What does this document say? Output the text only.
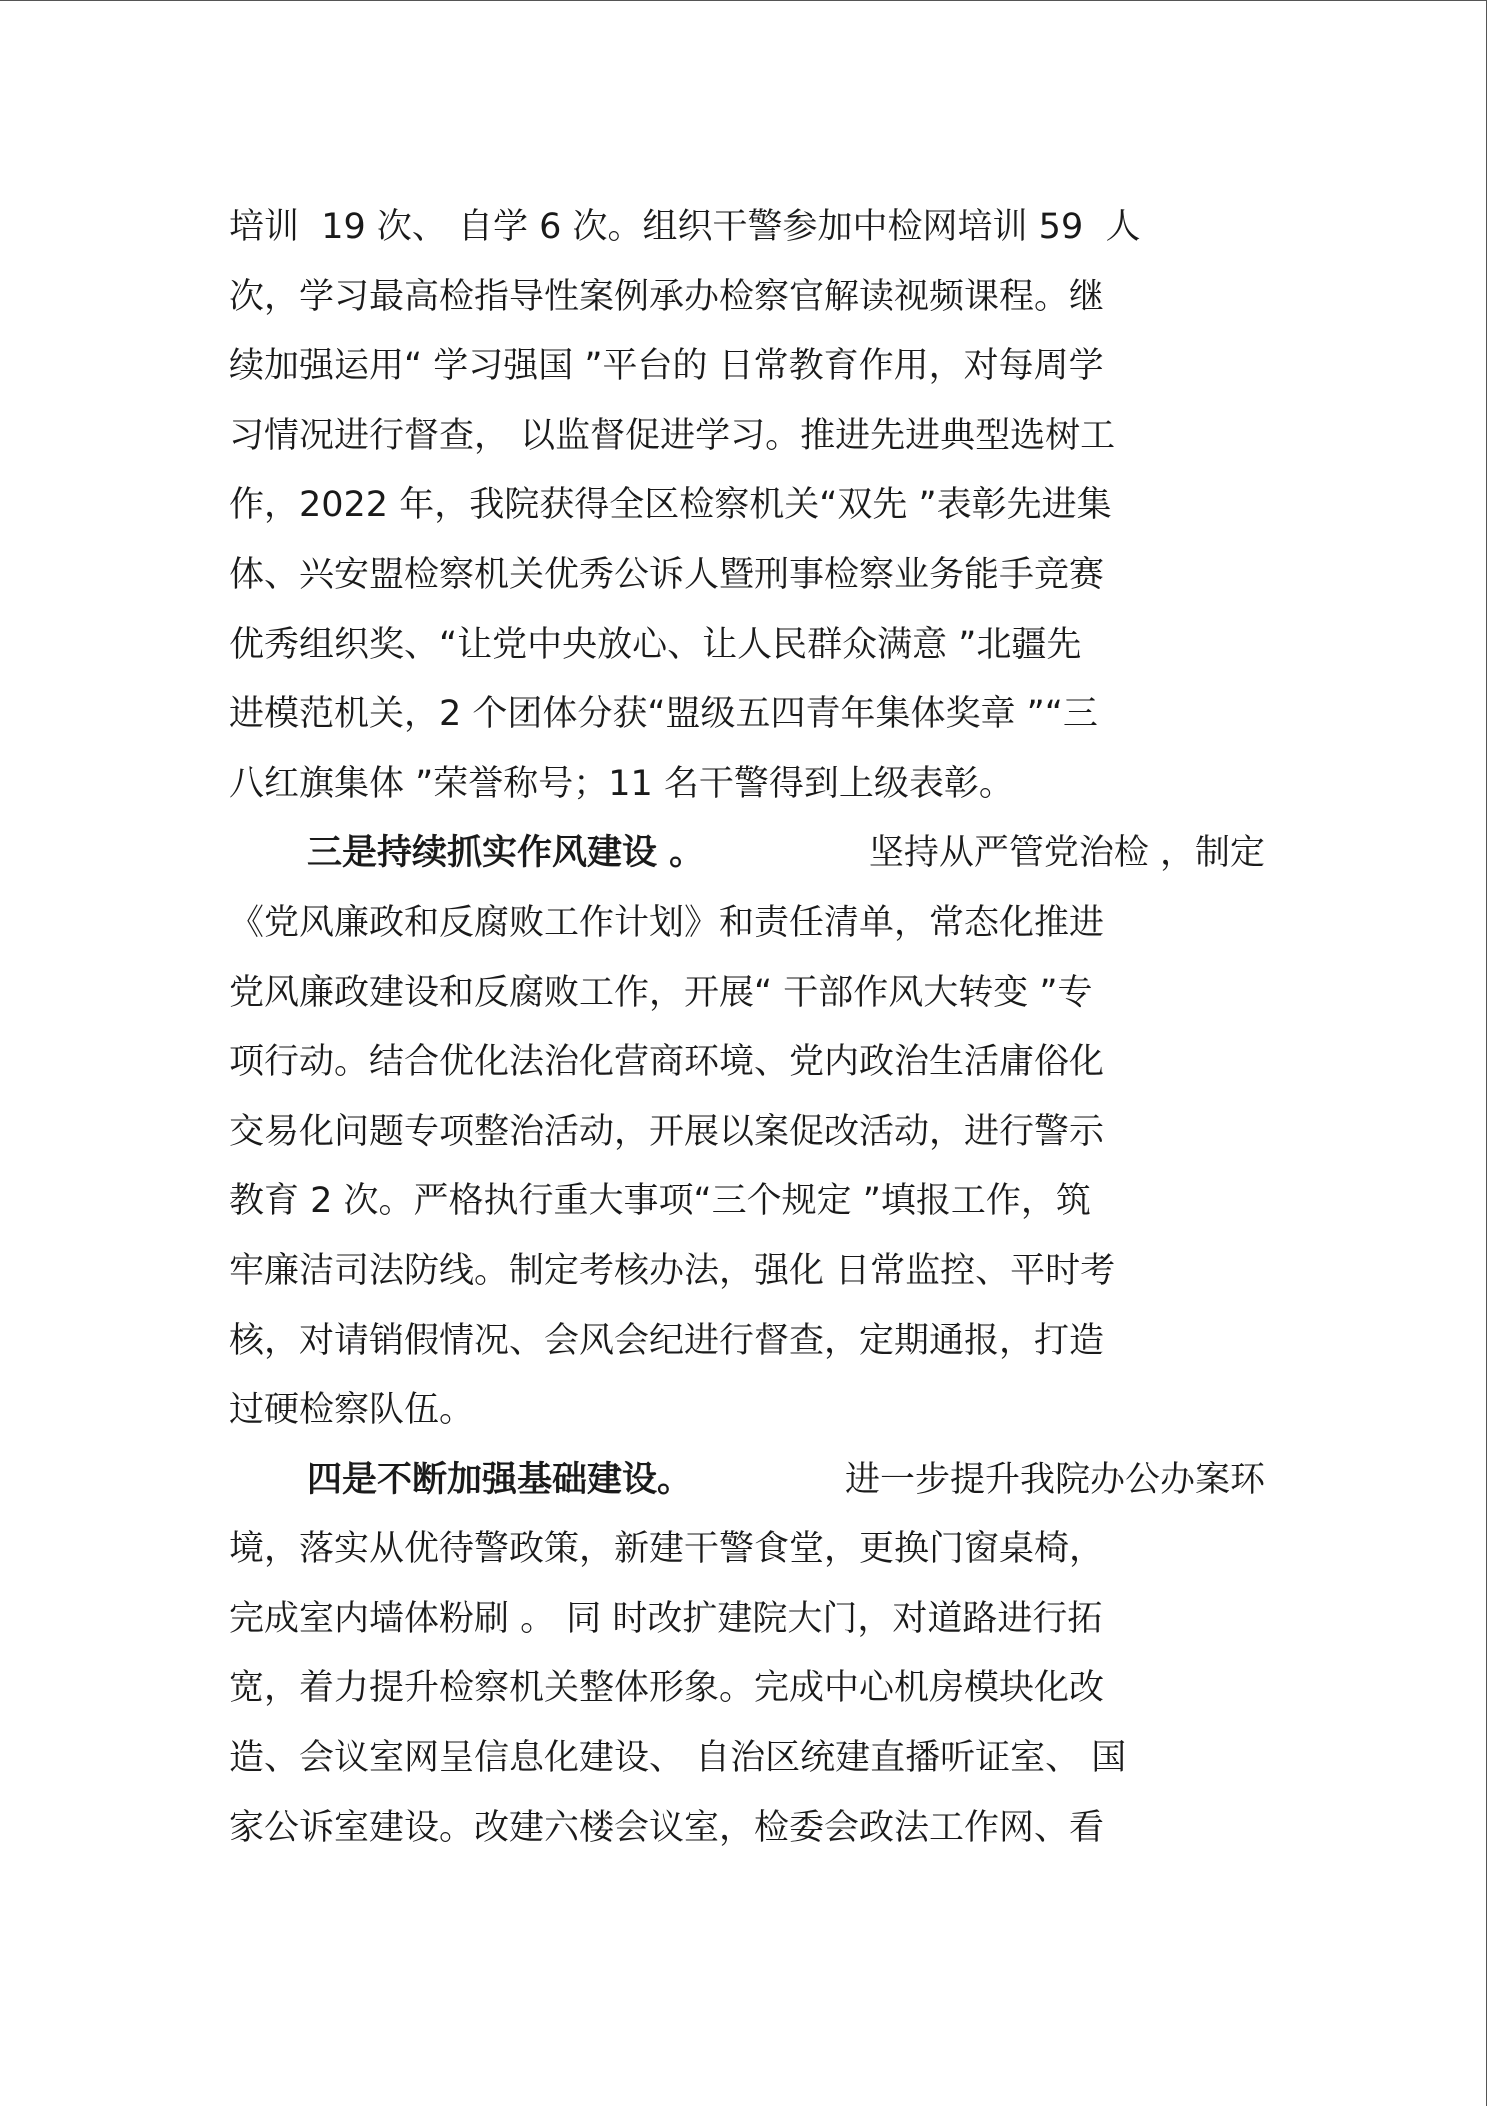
培训  19 次、 自学 6 次。组织干警参加中检网培训 59  人
次，学习最高检指导性案例承办检察官解读视频课程。继
续加强运用“ 学习强国 ”平台的 日常教育作用，对每周学
习情况进行督查， 以监督促进学习。推进先进典型选树工
作，2022 年，我院获得全区检察机关“双先 ”表彰先进集
体、兴安盟检察机关优秀公诉人暨刑事检察业务能手竞赛
优秀组织奖、“让党中央放心、让人民群众满意 ”北疆先
进模范机关，2 个团体分获“盟级五四青年集体奖章 ”“三
八红旗集体 ”荣誉称号；11 名干警得到上级表彰。
三是持续抓实作风建设 。	坚持从严管党治检 ，制定
《党风廉政和反腐败工作计划》和责任清单，常态化推进
党风廉政建设和反腐败工作，开展“ 干部作风大转变 ”专
项行动。结合优化法治化营商环境、党内政治生活庸俗化
交易化问题专项整治活动，开展以案促改活动，进行警示
教育 2 次。严格执行重大事项“三个规定 ”填报工作，筑
牢廉洁司法防线。制定考核办法，强化 日常监控、平时考
核，对请销假情况、会风会纪进行督查，定期通报，打造
过硬检察队伍。
四是不断加强基础建设。	进一步提升我院办公办案环
境，落实从优待警政策，新建干警食堂，更换门窗桌椅，
完成室内墙体粉刷 。 同 时改扩建院大门，对道路进行拓
宽，着力提升检察机关整体形象。完成中心机房模块化改
造、会议室网呈信息化建设、 自治区统建直播听证室、 国
家公诉室建设。改建六楼会议室，检委会政法工作网、看
